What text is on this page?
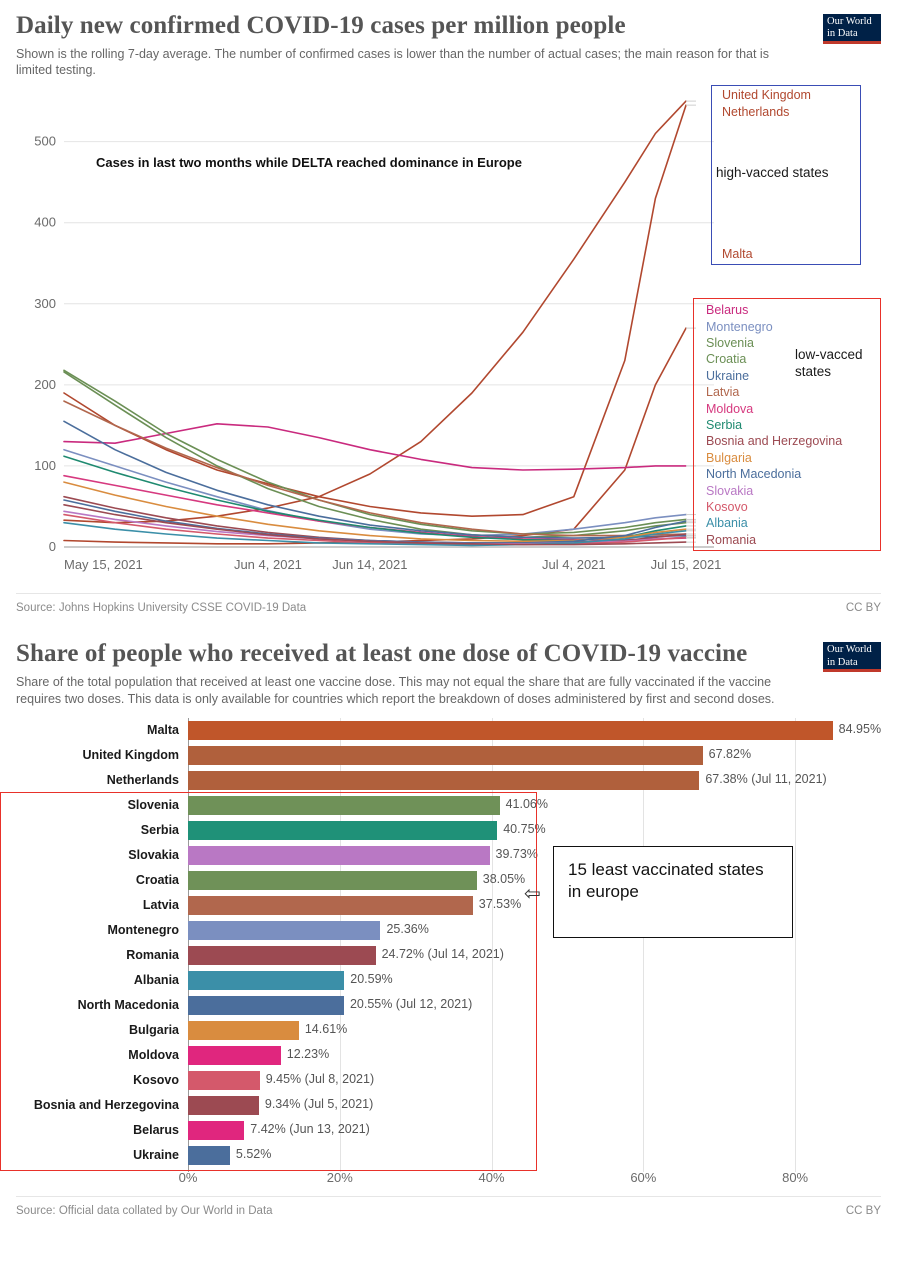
Our World
in Data
Daily new confirmed COVID-19 cases per million people
Shown is the rolling 7-day average. The number of confirmed cases is lower than the number of actual cases; the main reason for that is limited testing.
0
100
200
300
400
500
May 15, 2021	Jun 4, 2021 Jun 14, 2021	Jul 4, 2021	Jul 15, 2021
Cases in last two months while DELTA reached dominance in Europe
United Kingdom
Netherlands
Malta
high-vacced states
Belarus
Montenegro
Slovenia
Croatia
Ukraine
Latvia
Moldova
Serbia
Bosnia and Herzegovina
Bulgaria
North Macedonia
Slovakia
Kosovo
Albania
Romania
low-vacced states
Source: Johns Hopkins University CSSE COVID-19 Data	CC BY
Our World
in Data
Share of people who received at least one dose of COVID-19 vaccine
Share of the total population that received at least one vaccine dose. This may not equal the share that are fully vaccinated if the vaccine requires two doses. This data is only available for countries which report the breakdown of doses administered by first and second doses.
Malta	84.95%
United Kingdom	67.82%
Netherlands	67.38% (Jul 11, 2021)
Slovenia	41.06%
Serbia	40.75%
Slovakia	39.73%
Croatia	38.05%
Latvia	37.53%
Montenegro	25.36%
Romania	24.72% (Jul 14, 2021)
Albania	20.59%
North Macedonia	20.55% (Jul 12, 2021)
Bulgaria	14.61%
Moldova	12.23%
Kosovo	9.45% (Jul 8, 2021)
Bosnia and Herzegovina	9.34% (Jul 5, 2021)
Belarus	7.42% (Jun 13, 2021)
Ukraine	5.52%
0%	20%	40%	60%	80%
15 least vaccinated states in europe
⇦
Source: Official data collated by Our World in Data	CC BY
